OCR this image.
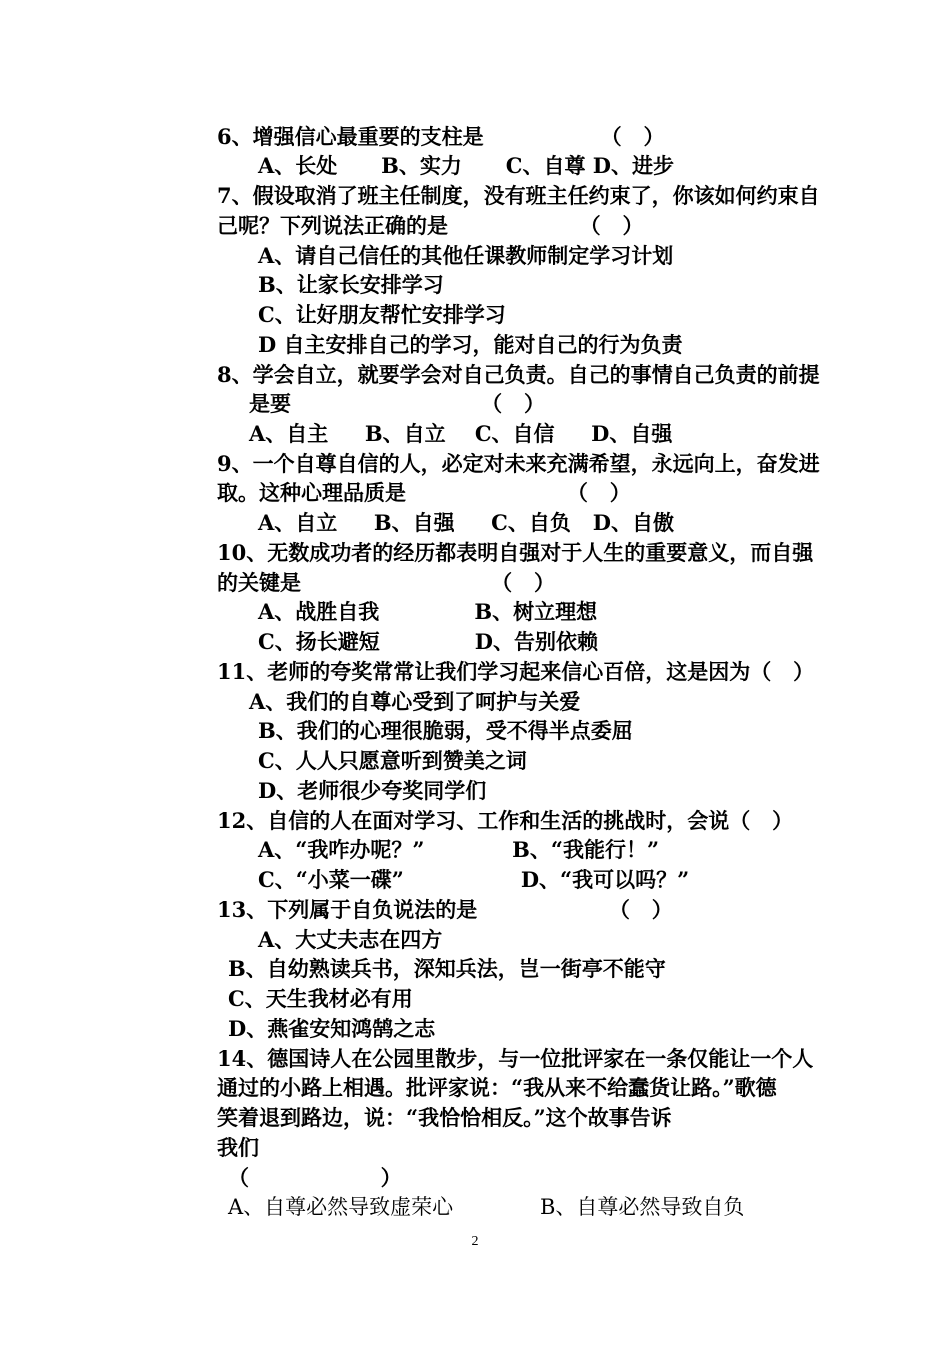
6、增强信心最重要的支柱是                （   ）
A、长处      B、实力      C、自尊 D、进步
7、假设取消了班主任制度，没有班主任约束了，你该如何约束自
己呢？下列说法正确的是                  （   ）
A、请自己信任的其他任课教师制定学习计划
B、让家长安排学习
C、让好朋友帮忙安排学习
D 自主安排自己的学习，能对自己的行为负责
8、学会自立，就要学会对自己负责。自己的事情自己负责的前提
是要                          （   ）
A、自主     B、自立    C、自信     D、自强
9、一个自尊自信的人，必定对未来充满希望，永远向上，奋发进
取。这种心理品质是                      （   ）
A、自立     B、自强     C、自负   D、自傲
10、无数成功者的经历都表明自强对于人生的重要意义，而自强
的关键是                          （   ）
A、战胜自我             B、树立理想
C、扬长避短             D、告别依赖
11、老师的夸奖常常让我们学习起来信心百倍，这是因为（   ）
A、我们的自尊心受到了呵护与关爱
B、我们的心理很脆弱，受不得半点委屈
C、人人只愿意听到赞美之词
D、老师很少夸奖同学们
12、自信的人在面对学习、工作和生活的挑战时，会说（   ）
A、“我咋办呢？”            B、“我能行！”
C、“小菜一碟”                D、“我可以吗？”
13、下列属于自负说法的是                  （   ）
A、大丈夫志在四方
B、自幼熟读兵书，深知兵法，岂一街亭不能守
C、天生我材必有用
D、燕雀安知鸿鹄之志
14、德国诗人在公园里散步，与一位批评家在一条仅能让一个人
通过的小路上相遇。批评家说：“我从来不给蠢货让路。”歌德
笑着退到路边，说：“我恰恰相反。”这个故事告诉
我们
（                  ）
A、自尊必然导致虚荣心             B、自尊必然导致自负
2
